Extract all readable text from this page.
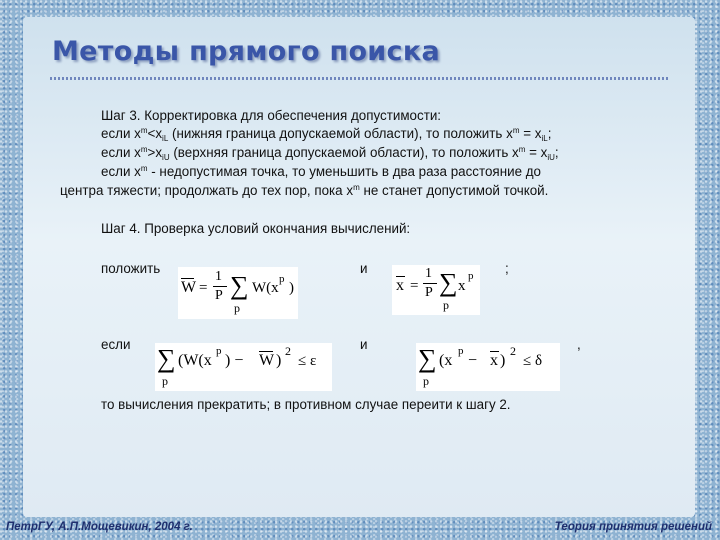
Методы прямого поиска
Шаг 3. Корректировка для обеспечения допустимости:
если $x^m<x_{iL}$ (нижняя граница допускаемой области), то положить $x^m = x_{iL}$;
если $x^m>x_{iU}$ (верхняя граница допускаемой области), то положить $x^m = x_{iU}$;
если $x^m$ - недопустимая точка, то уменьшить в два раза расстояние до
центра тяжести; продолжать до тех пор, пока $x^m$ не станет допустимой точкой.
Шаг 4. Проверка условий окончания вычислений:
положить	и	;
W =
1
P ∑
p
W(x
p
)	x =
1
P ∑
p
x
p
если	и	,
∑
p
(W(x
p
) − W )
2
≤ ε	∑
p
(x
p
− x )
2
≤ δ
то вычисления прекратить; в противном случае переити к шагу 2.
ПетрГУ, А.П.Мощевикин, 2004 г.	Теория принятия решений
